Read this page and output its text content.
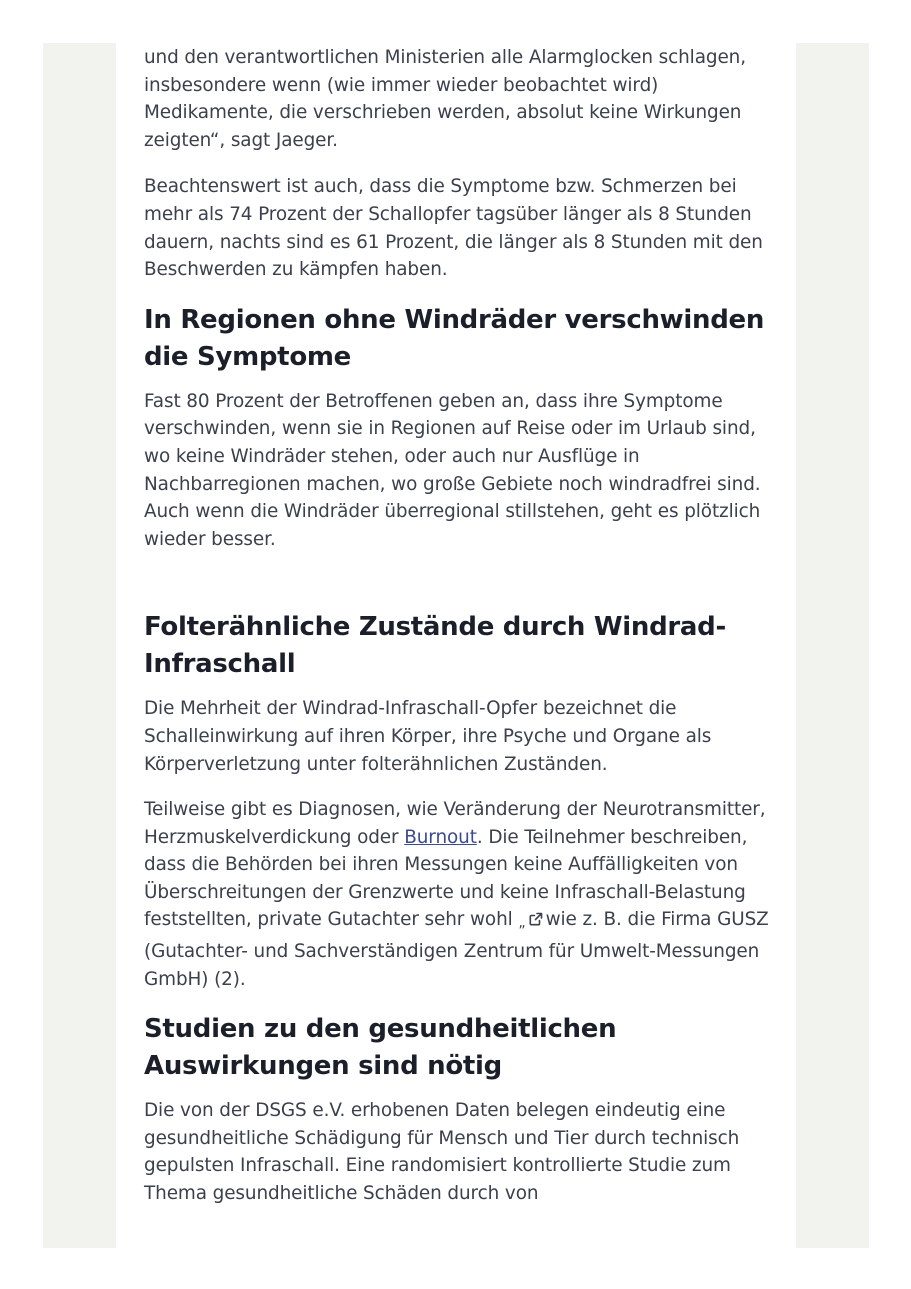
und den verantwortlichen Ministerien alle Alarmglocken schlagen, insbesondere wenn (wie immer wieder beobachtet wird) Medikamente, die verschrieben werden, absolut keine Wirkungen zeigten“, sagt Jaeger.

Beachtenswert ist auch, dass die Symptome bzw. Schmerzen bei mehr als 74 Prozent der Schallopfer tagsüber länger als 8 Stunden dauern, nachts sind es 61 Prozent, die länger als 8 Stunden mit den Beschwerden zu kämpfen haben.

In Regionen ohne Windräder verschwinden die Symptome

Fast 80 Prozent der Betroffenen geben an, dass ihre Symptome verschwinden, wenn sie in Regionen auf Reise oder im Urlaub sind, wo keine Windräder stehen, oder auch nur Ausflüge in Nachbarregionen machen, wo große Gebiete noch windradfrei sind. Auch wenn die Windräder überregional stillstehen, geht es plötzlich wieder besser.

Folterähnliche Zustände durch Windrad-Infraschall

Die Mehrheit der Windrad-Infraschall-Opfer bezeichnet die Schalleinwirkung auf ihren Körper, ihre Psyche und Organe als Körperverletzung unter folterähnlichen Zuständen.

Teilweise gibt es Diagnosen, wie Veränderung der Neurotransmitter, Herzmuskelverdickung oder Burnout. Die Teilnehmer beschreiben, dass die Behörden bei ihren Messungen keine Auffälligkeiten von Überschreitungen der Grenzwerte und keine Infraschall-Belastung feststellten, private Gutachter sehr wohl „ wie z. B. die Firma GUSZ (Gutachter- und Sachverständigen Zentrum für Umwelt-Messungen GmbH) (2).

Studien zu den gesundheitlichen Auswirkungen sind nötig

Die von der DSGS e.V. erhobenen Daten belegen eindeutig eine gesundheitliche Schädigung für Mensch und Tier durch technisch gepulsten Infraschall. Eine randomisiert kontrollierte Studie zum Thema gesundheitliche Schäden durch von
